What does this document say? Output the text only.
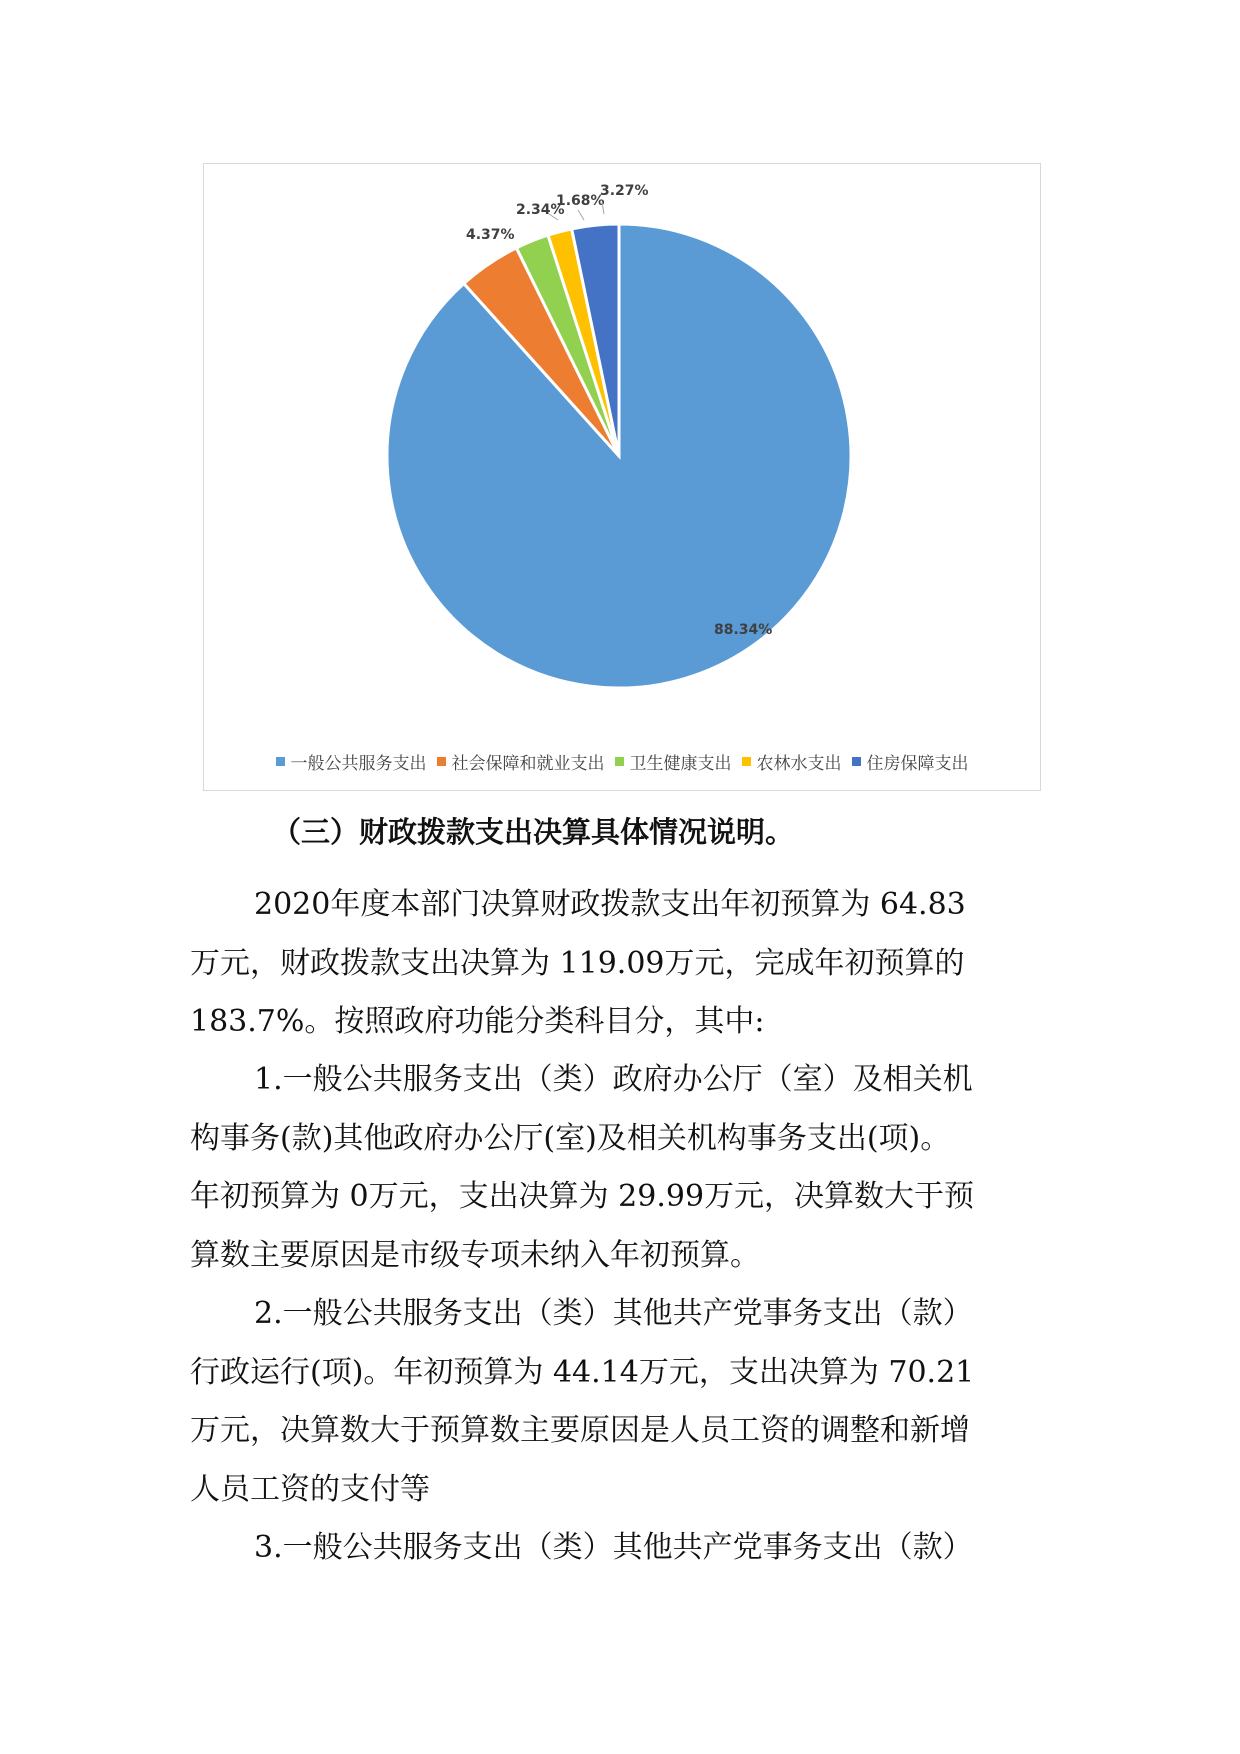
88.34%
4.37%
2.34%
1.68%
3.27%
一般公共服务支出 社会保障和就业支出 卫生健康支出 农林水支出 住房保障支出
（三）财政拨款支出决算具体情况说明。
2020年度本部门决算财政拨款支出年初预算为 64.83
万元，财政拨款支出决算为 119.09万元，完成年初预算的
183.7%。按照政府功能分类科目分，其中:
1.一般公共服务支出（类）政府办公厅（室）及相关机
构事务(款)其他政府办公厅(室)及相关机构事务支出(项)。
年初预算为 0万元，支出决算为 29.99万元，决算数大于预
算数主要原因是市级专项未纳入年初预算。
2.一般公共服务支出（类）其他共产党事务支出（款）
行政运行(项)。年初预算为 44.14万元，支出决算为 70.21
万元，决算数大于预算数主要原因是人员工资的调整和新增
人员工资的支付等
3.一般公共服务支出（类）其他共产党事务支出（款）
